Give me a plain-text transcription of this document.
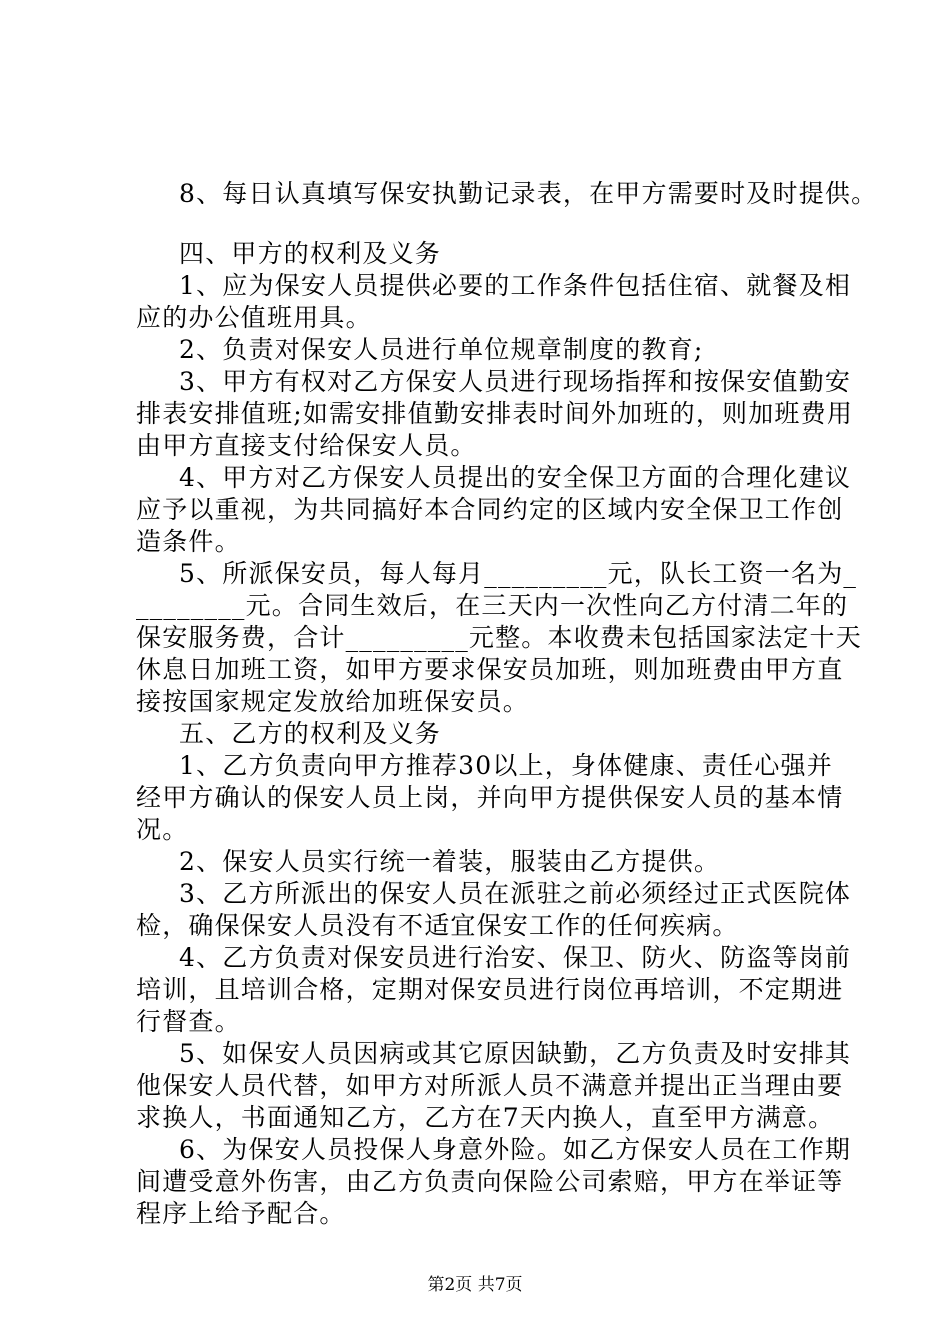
8、每日认真填写保安执勤记录表，在甲方需要时及时提供。
四、甲方的权利及义务
1、应为保安人员提供必要的工作条件包括住宿、就餐及相
应的办公值班用具。
2、负责对保安人员进行单位规章制度的教育;
3、甲方有权对乙方保安人员进行现场指挥和按保安值勤安
排表安排值班;如需安排值勤安排表时间外加班的，则加班费用
由甲方直接支付给保安人员。
4、甲方对乙方保安人员提出的安全保卫方面的合理化建议
应予以重视，为共同搞好本合同约定的区域内安全保卫工作创
造条件。
5、所派保安员，每人每月_________元，队长工资一名为_
________元。合同生效后，在三天内一次性向乙方付清二年的
保安服务费，合计_________元整。本收费未包括国家法定十天
休息日加班工资，如甲方要求保安员加班，则加班费由甲方直
接按国家规定发放给加班保安员。
五、乙方的权利及义务
1、乙方负责向甲方推荐30以上，身体健康、责任心强并
经甲方确认的保安人员上岗，并向甲方提供保安人员的基本情
况。
2、保安人员实行统一着装，服装由乙方提供。
3、乙方所派出的保安人员在派驻之前必须经过正式医院体
检，确保保安人员没有不适宜保安工作的任何疾病。
4、乙方负责对保安员进行治安、保卫、防火、防盗等岗前
培训，且培训合格，定期对保安员进行岗位再培训，不定期进
行督查。
5、如保安人员因病或其它原因缺勤，乙方负责及时安排其
他保安人员代替，如甲方对所派人员不满意并提出正当理由要
求换人，书面通知乙方，乙方在7天内换人，直至甲方满意。
6、为保安人员投保人身意外险。如乙方保安人员在工作期
间遭受意外伤害，由乙方负责向保险公司索赔，甲方在举证等
程序上给予配合。
第2页 共7页
